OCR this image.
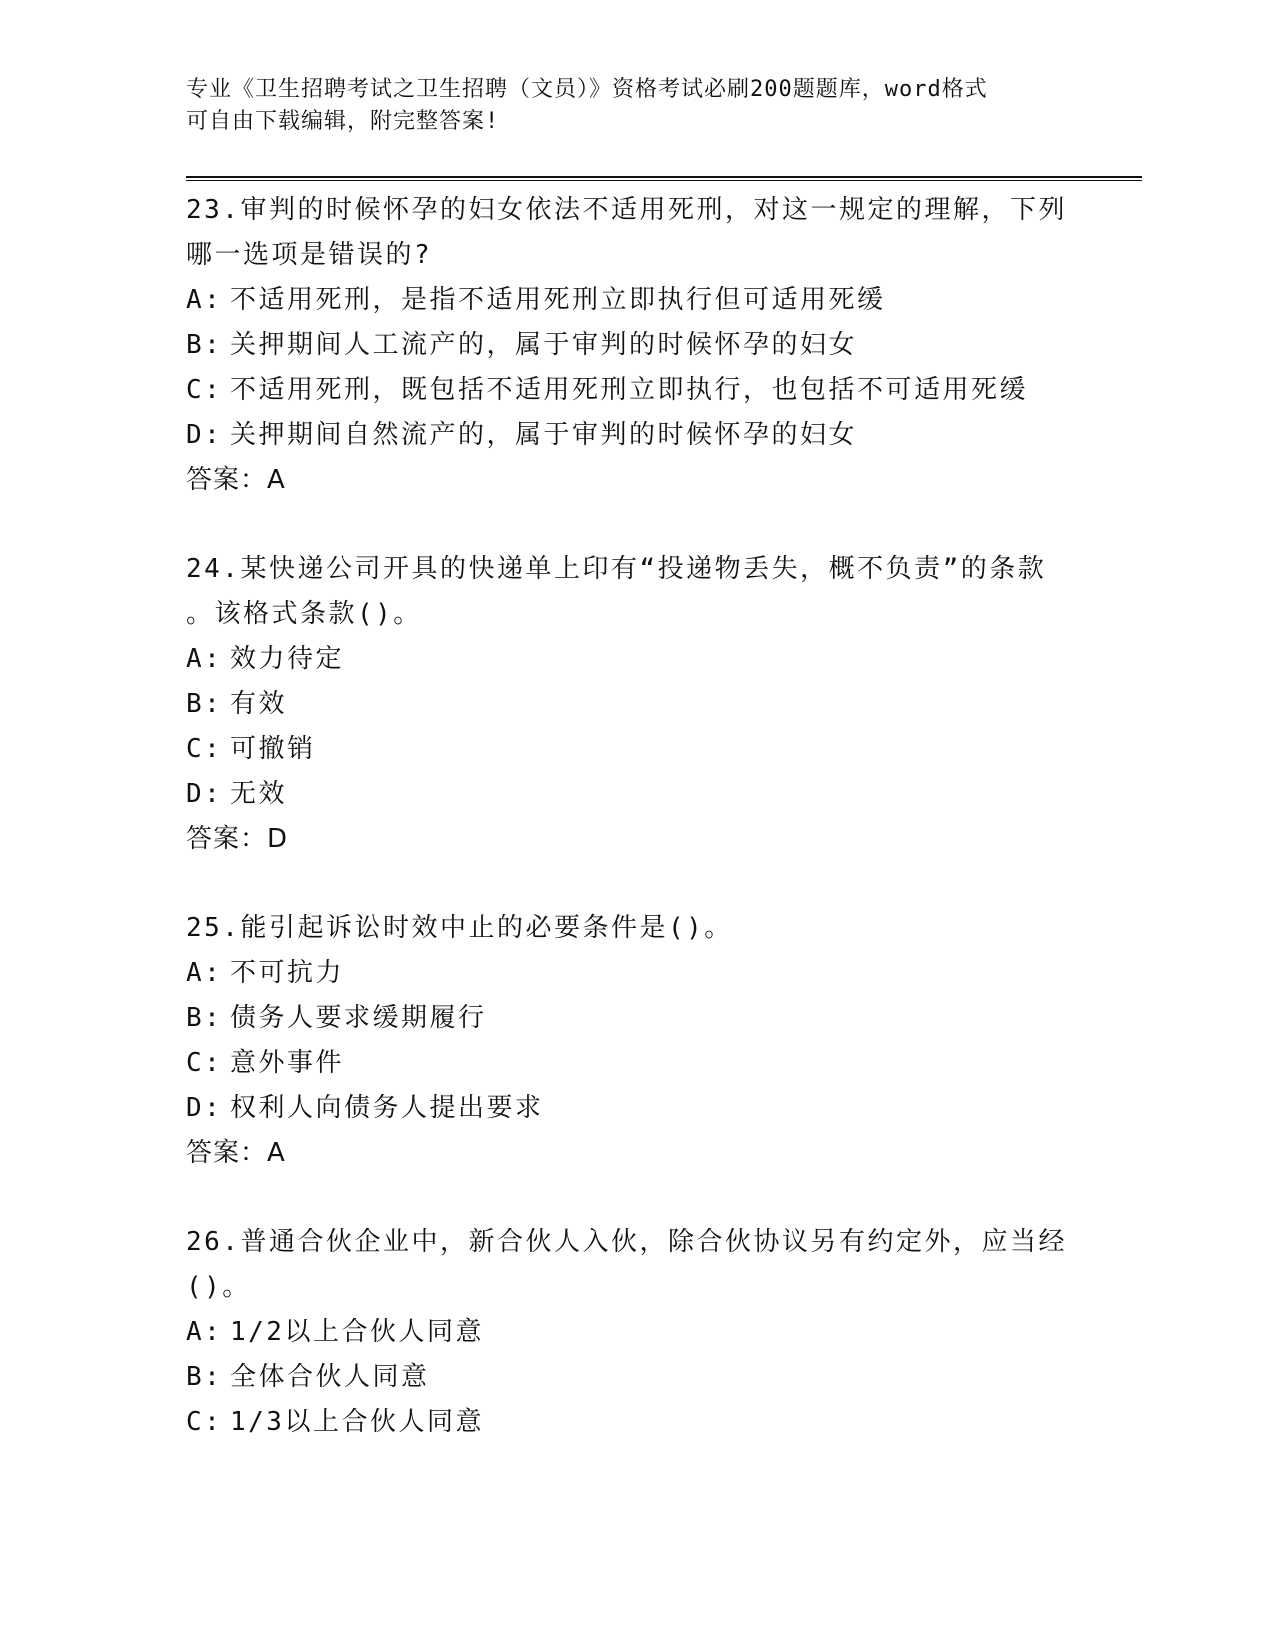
专业《卫生招聘考试之卫生招聘（文员）》资格考试必刷200题题库，word格式
可自由下载编辑，附完整答案!
23.审判的时候怀孕的妇女依法不适用死刑，对这一规定的理解，下列
哪一选项是错误的?
A: 不适用死刑，是指不适用死刑立即执行但可适用死缓
B: 关押期间人工流产的，属于审判的时候怀孕的妇女
C: 不适用死刑，既包括不适用死刑立即执行，也包括不可适用死缓
D: 关押期间自然流产的，属于审判的时候怀孕的妇女
答案：A
24.某快递公司开具的快递单上印有“投递物丢失，概不负责”的条款
。该格式条款()。
A: 效力待定
B: 有效
C: 可撤销
D: 无效
答案：D
25.能引起诉讼时效中止的必要条件是()。
A: 不可抗力
B: 债务人要求缓期履行
C: 意外事件
D: 权利人向债务人提出要求
答案：A
26.普通合伙企业中，新合伙人入伙，除合伙协议另有约定外，应当经
()。
A: 1/2以上合伙人同意
B: 全体合伙人同意
C: 1/3以上合伙人同意
